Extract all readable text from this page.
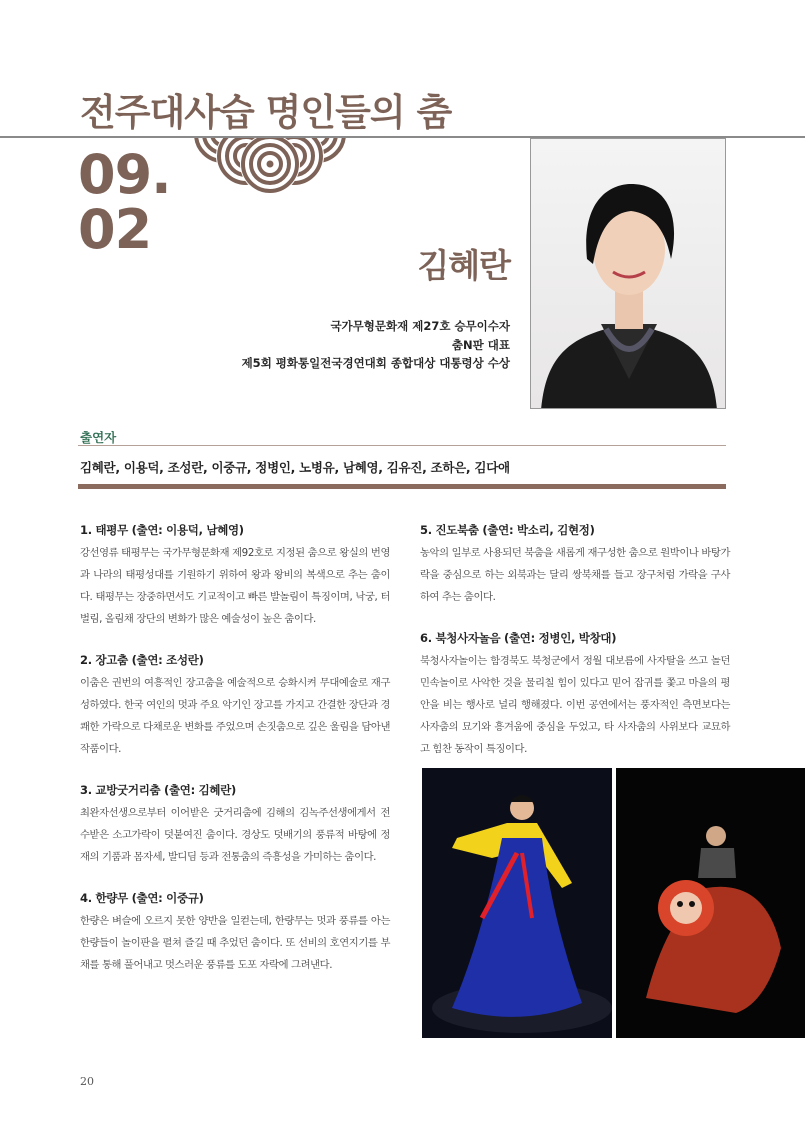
전주대사습 명인들의 춤
09.
02
김혜란
국가무형문화재 제27호 승무이수자
춤N판 대표
제5회 평화통일전국경연대회 종합대상 대통령상 수상
출연자
김혜란, 이용덕, 조성란, 이중규, 정병인, 노병유, 남혜영, 김유진, 조하은, 김다애
1. 태평무 (출연: 이용덕, 남혜영)

강선영류 태평무는 국가무형문화재 제92호로 지정된 춤으로 왕실의 번영과 나라의 태평성대를 기원하기 위하여 왕과 왕비의 복색으로 추는 춤이다. 태평무는 장중하면서도 기교적이고 빠른 발놀림이 특징이며, 낙궁, 터벌림, 올림채 장단의 변화가 많은 예술성이 높은 춤이다.

2. 장고춤 (출연: 조성란)

이춤은 권번의 여흥적인 장고춤을 예술적으로 승화시켜 무대예술로 재구성하였다. 한국 여인의 멋과 주요 악기인 장고를 가지고 간결한 장단과 경쾌한 가락으로 다채로운 변화를 주었으며 손짓춤으로 깊은 울림을 담아낸 작품이다.

3. 교방굿거리춤 (출연: 김혜란)

최완자선생으로부터 이어받은 굿거리춤에 김해의 김녹주선생에게서 전수받은 소고가락이 덧붙여진 춤이다. 경상도 덧배기의 풍류적 바탕에 정재의 기품과 몸자세, 발디딤 등과 전통춤의 즉흥성을 가미하는 춤이다.

4. 한량무 (출연: 이중규)

한량은 벼슬에 오르지 못한 양반을 일컫는데, 한량무는 멋과 풍류를 아는 한량들이 놀이판을 펼쳐 즐길 때 추었던 춤이다. 또 선비의 호연지기를 부채를 통해 풀어내고 멋스러운 풍류를 도포 자락에 그려낸다.

5. 진도북춤 (출연: 박소리, 김현정)

농악의 일부로 사용되던 북춤을 새롭게 재구성한 춤으로 원박이나 바탕가락을 중심으로 하는 외북과는 달리 쌍북채를 들고 장구처럼 가락을 구사하여 추는 춤이다.

6. 북청사자놀음 (출연: 정병인, 박창대)

북청사자놀이는 함경북도 북청군에서 정월 대보름에 사자탈을 쓰고 놀던 민속놀이로 사악한 것을 물리칠 힘이 있다고 믿어 잡귀를 쫓고 마을의 평안을 비는 행사로 널리 행해졌다. 이번 공연에서는 풍자적인 측면보다는 사자춤의 묘기와 흥겨움에 중심을 두었고, 타 사자춤의 사위보다 교묘하고 힘찬 동작이 특징이다.

20
